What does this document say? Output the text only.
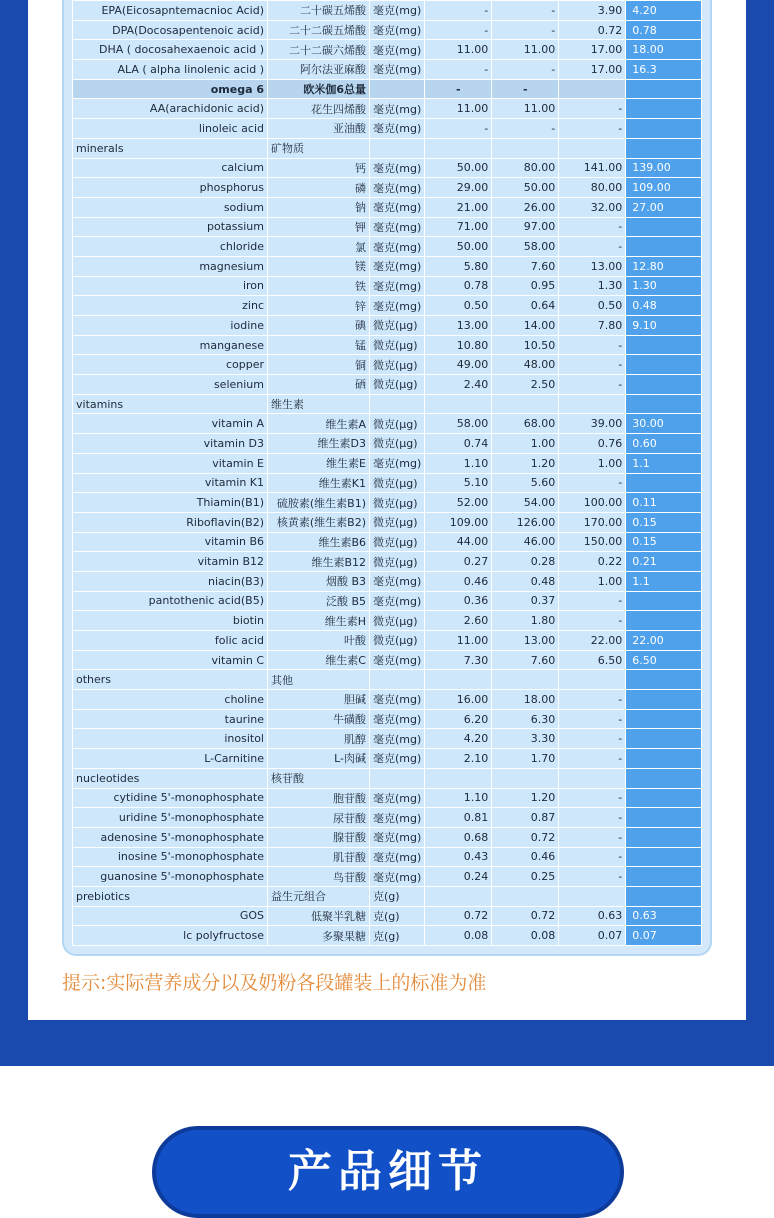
EPA(Eicosapntemacnioc Acid)	二十碳五烯酸	毫克(mg)	-	-	3.90	4.20
DPA(Docosapentenoic acid)	二十二碳五烯酸	毫克(mg)	-	-	0.72	0.78
DHA ( docosahexaenoic acid )	二十二碳六烯酸	毫克(mg)	11.00	11.00	17.00	18.00
ALA ( alpha linolenic acid )	阿尔法亚麻酸	毫克(mg)	-	-	17.00	16.3
omega 6	欧米伽6总量		-	-		
AA(arachidonic acid)	花生四烯酸	毫克(mg)	11.00	11.00	-	
linoleic acid	亚油酸	毫克(mg)	-	-	-	
minerals	矿物质					
calcium	钙	毫克(mg)	50.00	80.00	141.00	139.00
phosphorus	磷	毫克(mg)	29.00	50.00	80.00	109.00
sodium	钠	毫克(mg)	21.00	26.00	32.00	27.00
potassium	钾	毫克(mg)	71.00	97.00	-	
chloride	氯	毫克(mg)	50.00	58.00	-	
magnesium	镁	毫克(mg)	5.80	7.60	13.00	12.80
iron	铁	毫克(mg)	0.78	0.95	1.30	1.30
zinc	锌	毫克(mg)	0.50	0.64	0.50	0.48
iodine	碘	微克(μg)	13.00	14.00	7.80	9.10
manganese	锰	微克(μg)	10.80	10.50	-	
copper	铜	微克(μg)	49.00	48.00	-	
selenium	硒	微克(μg)	2.40	2.50	-	
vitamins	维生素					
vitamin A	维生素A	微克(μg)	58.00	68.00	39.00	30.00
vitamin D3	维生素D3	微克(μg)	0.74	1.00	0.76	0.60
vitamin E	维生素E	毫克(mg)	1.10	1.20	1.00	1.1
vitamin K1	维生素K1	微克(μg)	5.10	5.60	-	
Thiamin(B1)	硫胺素(维生素B1)	微克(μg)	52.00	54.00	100.00	0.11
Riboflavin(B2)	核黄素(维生素B2)	微克(μg)	109.00	126.00	170.00	0.15
vitamin B6	维生素B6	微克(μg)	44.00	46.00	150.00	0.15
vitamin B12	维生素B12	微克(μg)	0.27	0.28	0.22	0.21
niacin(B3)	烟酸 B3	毫克(mg)	0.46	0.48	1.00	1.1
pantothenic acid(B5)	泛酸 B5	毫克(mg)	0.36	0.37	-	
biotin	维生素H	微克(μg)	2.60	1.80	-	
folic acid	叶酸	微克(μg)	11.00	13.00	22.00	22.00
vitamin C	维生素C	毫克(mg)	7.30	7.60	6.50	6.50
others	其他					
choline	胆碱	毫克(mg)	16.00	18.00	-	
taurine	牛磺酸	毫克(mg)	6.20	6.30	-	
inositol	肌醇	毫克(mg)	4.20	3.30	-	
L-Carnitine	L-肉碱	毫克(mg)	2.10	1.70	-	
nucleotides	核苷酸					
cytidine 5'-monophosphate	胞苷酸	毫克(mg)	1.10	1.20	-	
uridine 5'-monophosphate	尿苷酸	毫克(mg)	0.81	0.87	-	
adenosine 5'-monophosphate	腺苷酸	毫克(mg)	0.68	0.72	-	
inosine 5'-monophosphate	肌苷酸	毫克(mg)	0.43	0.46	-	
guanosine 5'-monophosphate	鸟苷酸	毫克(mg)	0.24	0.25	-	
prebiotics	益生元组合	克(g)				
GOS	低聚半乳糖	克(g)	0.72	0.72	0.63	0.63
lc polyfructose	多聚果糖	克(g)	0.08	0.08	0.07	0.07
提示:实际营养成分以及奶粉各段罐装上的标准为准
产品细节
